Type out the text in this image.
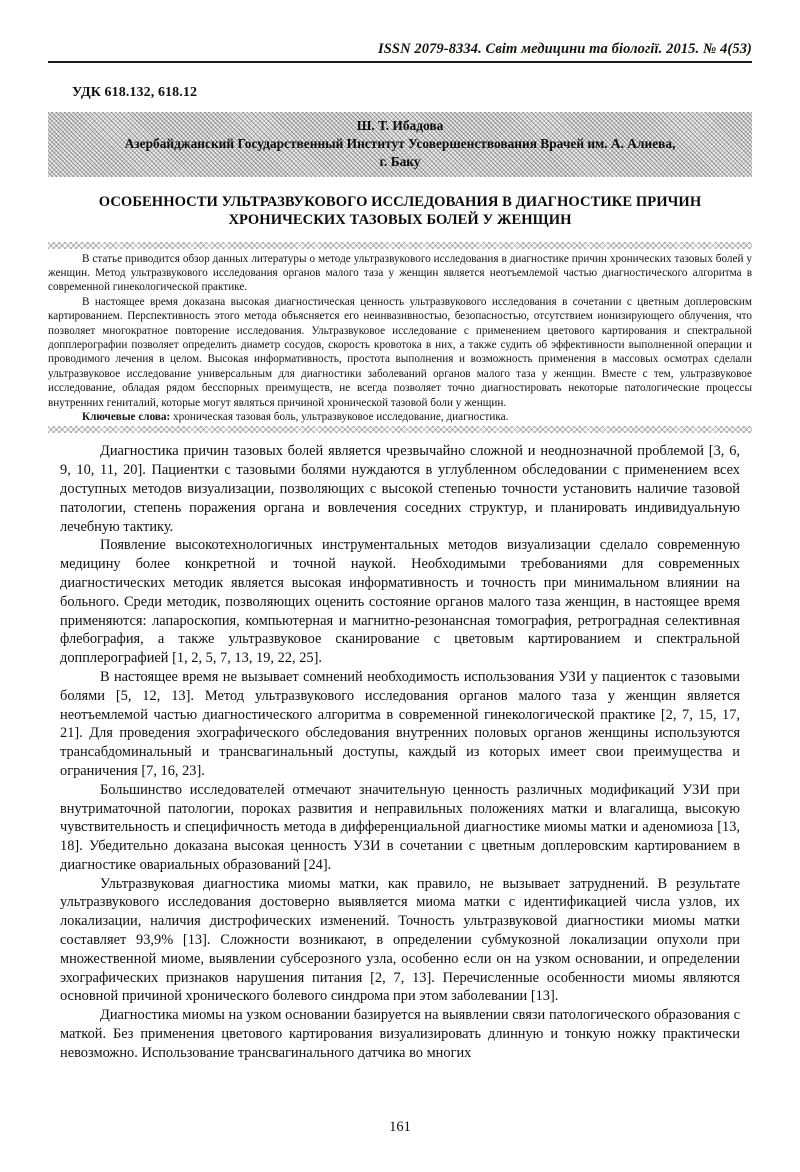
ISSN 2079-8334. Світ медицини та біології. 2015. № 4(53)
УДК 618.132, 618.12
Ш. Т. Ибадова
Азербайджанский Государственный Институт Усовершенствования Врачей им. А. Алиева,
г. Баку
ОСОБЕННОСТИ УЛЬТРАЗВУКОВОГО ИССЛЕДОВАНИЯ В ДИАГНОСТИКЕ ПРИЧИН ХРОНИЧЕСКИХ ТАЗОВЫХ БОЛЕЙ У ЖЕНЩИН

В статье приводится обзор данных литературы о методе ультразвукового исследования в диагностике причин хронических тазовых болей у женщин. Метод ультразвукового исследования органов малого таза у женщин является неотъемлемой частью диагностического алгоритма в современной гинекологической практике.

В настоящее время доказана высокая диагностическая ценность ультразвукового исследования в сочетании с цветным доплеровским картированием. Перспективность этого метода объясняется его неинвазивностью, безопасностью, отсутствием ионизирующего облучения, что позволяет многократное повторение исследования. Ультразвуковое исследование с применением цветового картирования и спектральной допплерографии позволяет определить диаметр сосудов, скорость кровотока в них, а также судить об эффективности выполненной операции и проводимого лечения в целом. Высокая информативность, простота выполнения и возможность применения в массовых осмотрах сделали ультразвуковое исследование универсальным для диагностики заболеваний органов малого таза у женщин. Вместе с тем, ультразвуковое исследование, обладая рядом бесспорных преимуществ, не всегда позволяет точно диагностировать некоторые патологические процессы внутренних гениталий, которые могут являться причиной хронической тазовой боли у женщин.

Ключевые слова: хроническая тазовая боль, ультразвуковое исследование, диагностика.

Диагностика причин тазовых болей является чрезвычайно сложной и неоднозначной проблемой [3, 6, 9, 10, 11, 20]. Пациентки с тазовыми болями нуждаются в углубленном обследовании с применением всех доступных методов визуализации, позволяющих с высокой степенью точности установить наличие тазовой патологии, степень поражения органа и вовлечения соседних структур, и планировать индивидуальную лечебную тактику.

Появление высокотехнологичных инструментальных методов визуализации сделало современную медицину более конкретной и точной наукой. Необходимыми требованиями для современных диагностических методик является высокая информативность и точность при минимальном влиянии на больного. Среди методик, позволяющих оценить состояние органов малого таза женщин, в настоящее время применяются: лапароскопия, компьютерная и магнитно-резонансная томография, ретроградная селективная флебография, а также ультразвуковое сканирование с цветовым картированием и спектральной допплерографией [1, 2, 5, 7, 13, 19, 22, 25].

В настоящее время не вызывает сомнений необходимость использования УЗИ у пациенток с тазовыми болями [5, 12, 13]. Метод ультразвукового исследования органов малого таза у женщин является неотъемлемой частью диагностического алгоритма в современной гинекологической практике [2, 7, 15, 17, 21]. Для проведения эхографического обследования внутренних половых органов женщины используются трансабдоминальный и трансвагинальный доступы, каждый из которых имеет свои преимущества и ограничения [7, 16, 23].

Большинство исследователей отмечают значительную ценность различных модификаций УЗИ при внутриматочной патологии, пороках развития и неправильных положениях матки и влагалища, высокую чувствительность и специфичность метода в дифференциальной диагностике миомы матки и аденомиоза [13, 18]. Убедительно доказана высокая ценность УЗИ в сочетании с цветным доплеровским картированием в диагностике овариальных образований [24].

Ультразвуковая диагностика миомы матки, как правило, не вызывает затруднений. В результате ультразвукового исследования достоверно выявляется миома матки с идентификацией числа узлов, их локализации, наличия дистрофических изменений. Точность ультразвуковой диагностики миомы матки составляет 93,9% [13]. Сложности возникают, в определении субмукозной локализации опухоли при множественной миоме, выявлении субсерозного узла, особенно если он на узком основании, и определении эхографических признаков нарушения питания [2, 7, 13]. Перечисленные особенности миомы являются основной причиной хронического болевого синдрома при этом заболевании [13].

Диагностика миомы на узком основании базируется на выявлении связи патологического образования с маткой. Без применения цветового картирования визуализировать длинную и тонкую ножку практически невозможно. Использование трансвагинального датчика во многих

161
